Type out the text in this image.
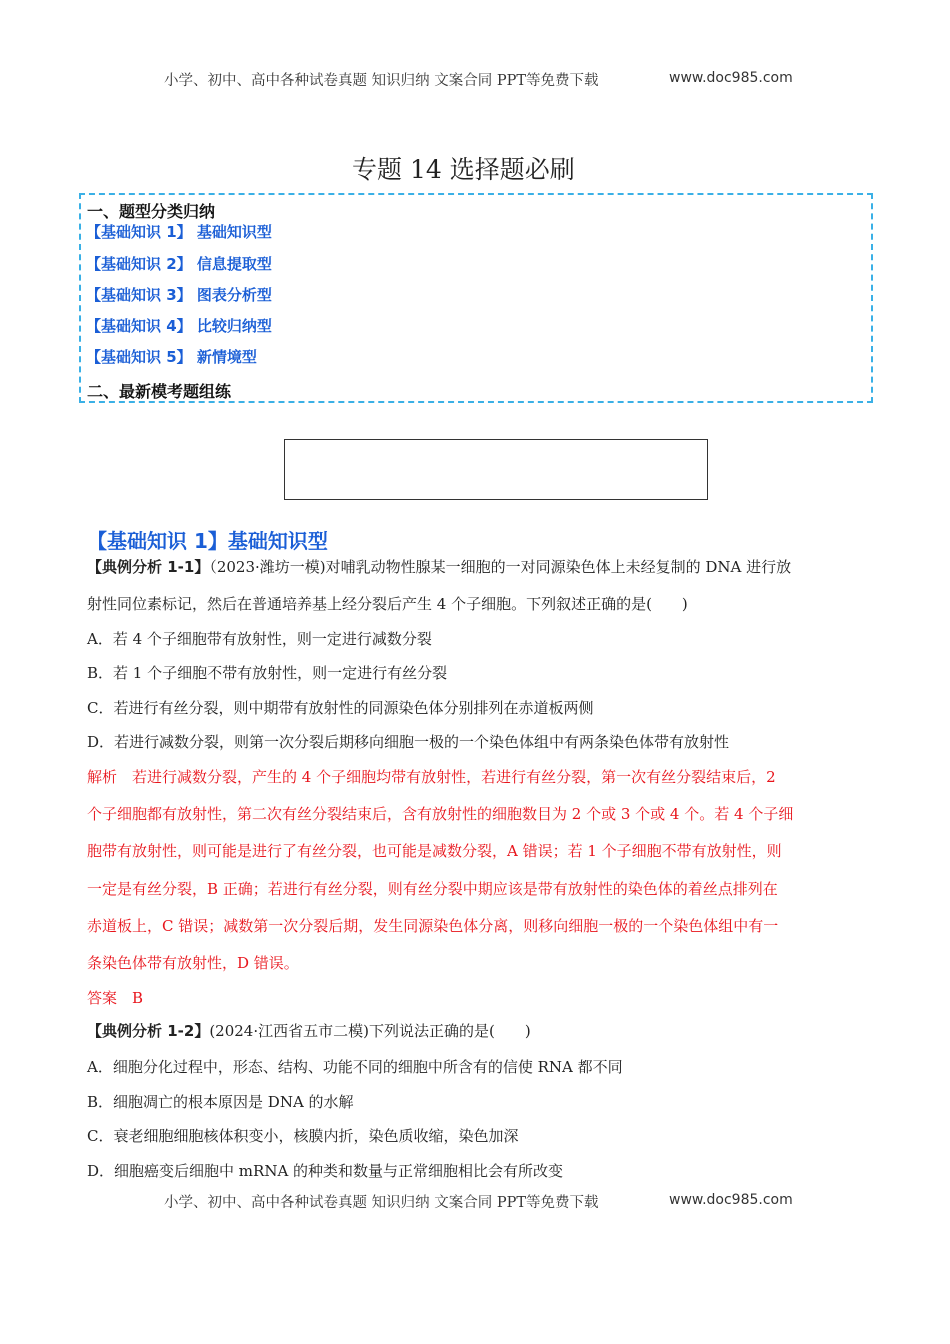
小学、初中、高中各种试卷真题 知识归纳 文案合同 PPT等免费下载	www.doc985.com
专题 14 选择题必刷
一、题型分类归纳
【基础知识 1】 基础知识型
【基础知识 2】 信息提取型
【基础知识 3】 图表分析型
【基础知识 4】 比较归纳型
【基础知识 5】 新情境型
二、最新模考题组练
【基础知识 1】基础知识型
【典例分析 1-1】（2023·潍坊一模)对哺乳动物性腺某一细胞的一对同源染色体上未经复制的 DNA 进行放
射性同位素标记，然后在普通培养基上经分裂后产生 4 个子细胞。下列叙述正确的是(　　)
A．若 4 个子细胞带有放射性，则一定进行减数分裂
B．若 1 个子细胞不带有放射性，则一定进行有丝分裂
C．若进行有丝分裂，则中期带有放射性的同源染色体分别排列在赤道板两侧
D．若进行减数分裂，则第一次分裂后期移向细胞一极的一个染色体组中有两条染色体带有放射性
解析　若进行减数分裂，产生的 4 个子细胞均带有放射性，若进行有丝分裂，第一次有丝分裂结束后，2
个子细胞都有放射性，第二次有丝分裂结束后，含有放射性的细胞数目为 2 个或 3 个或 4 个。若 4 个子细
胞带有放射性，则可能是进行了有丝分裂，也可能是减数分裂，A 错误；若 1 个子细胞不带有放射性，则
一定是有丝分裂，B 正确；若进行有丝分裂，则有丝分裂中期应该是带有放射性的染色体的着丝点排列在
赤道板上，C 错误；减数第一次分裂后期，发生同源染色体分离，则移向细胞一极的一个染色体组中有一
条染色体带有放射性，D 错误。
答案　B
【典例分析 1-2】(2024·江西省五市二模)下列说法正确的是(　　)
A．细胞分化过程中，形态、结构、功能不同的细胞中所含有的信使 RNA 都不同
B．细胞凋亡的根本原因是 DNA 的水解
C．衰老细胞细胞核体积变小，核膜内折，染色质收缩，染色加深
D．细胞癌变后细胞中 mRNA 的种类和数量与正常细胞相比会有所改变
小学、初中、高中各种试卷真题 知识归纳 文案合同 PPT等免费下载	www.doc985.com
